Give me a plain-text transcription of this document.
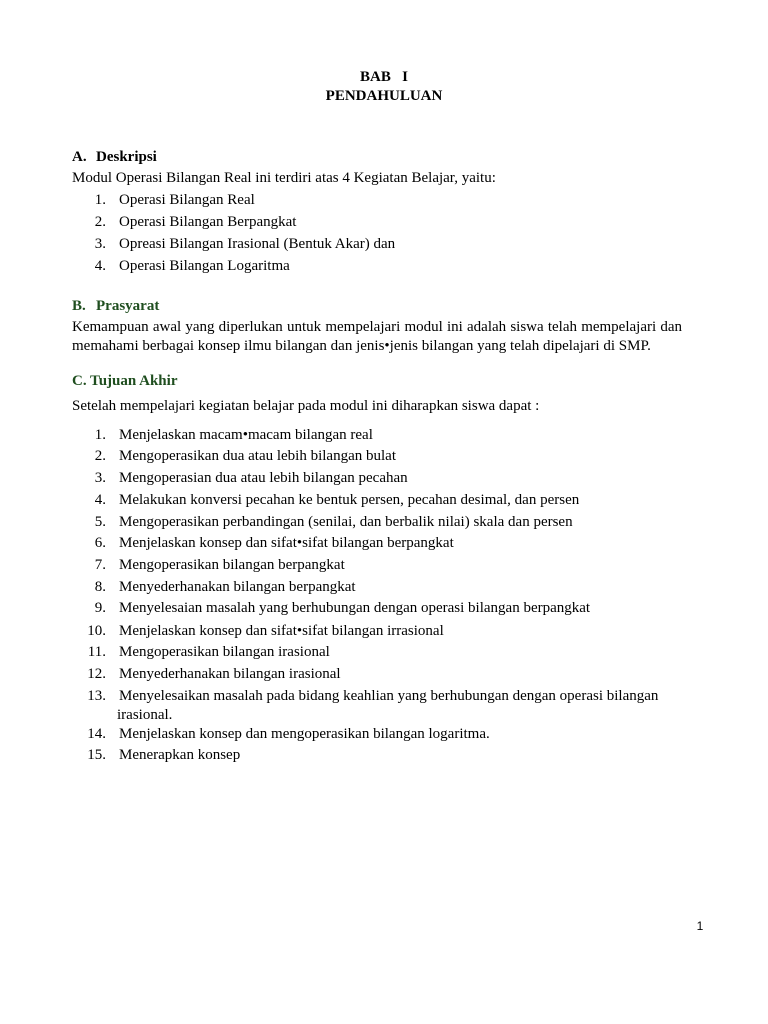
BAB   I
PENDAHULUAN
A. Deskripsi
Modul Operasi Bilangan Real ini terdiri atas 4 Kegiatan Belajar, yaitu:
1. Operasi Bilangan Real
2. Operasi Bilangan Berpangkat
3. Opreasi Bilangan Irasional (Bentuk Akar) dan
4. Operasi Bilangan Logaritma
B. Prasyarat
Kemampuan awal yang diperlukan untuk mempelajari modul ini adalah siswa telah mempelajari dan memahami berbagai konsep ilmu bilangan dan jenis•jenis bilangan yang telah dipelajari di SMP.
C. Tujuan Akhir
Setelah mempelajari kegiatan belajar pada modul ini diharapkan siswa dapat :
1. Menjelaskan macam•macam bilangan real
2. Mengoperasikan dua atau lebih bilangan bulat
3. Mengoperasian dua atau lebih bilangan pecahan
4. Melakukan konversi pecahan ke bentuk persen, pecahan desimal, dan persen
5. Mengoperasikan perbandingan (senilai, dan berbalik nilai) skala dan persen
6. Menjelaskan konsep dan sifat•sifat bilangan berpangkat
7. Mengoperasikan bilangan berpangkat
8. Menyederhanakan bilangan berpangkat
9. Menyelesaian masalah yang berhubungan dengan operasi bilangan berpangkat
10. Menjelaskan konsep dan sifat•sifat bilangan irrasional
11. Mengoperasikan bilangan irasional
12. Menyederhanakan bilangan irasional
13. Menyelesaikan masalah pada bidang keahlian yang berhubungan dengan operasi bilangan
irasional.
14. Menjelaskan konsep dan mengoperasikan bilangan logaritma.
15. Menerapkan konsep
1
